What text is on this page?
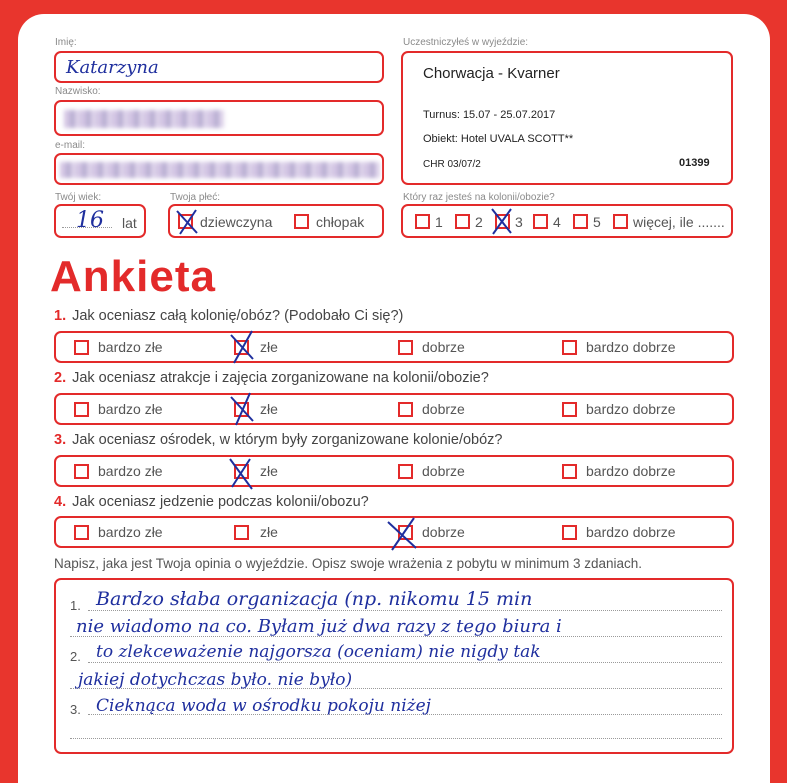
Imię:
Katarzyna
Nazwisko:
e-mail:
Twój wiek:
16 lat
Twoja płeć:
dziewczyna	chłopak
Uczestniczyłeś w wyjeździe:
Chorwacja - Kvarner
Turnus: 15.07 - 25.07.2017
Obiekt: Hotel UVALA SCOTT**
CHR 03/07/2	01399
Który raz jesteś na kolonii/obozie?
1 2 3 4 5 więcej, ile .......
Ankieta
1. Jak oceniasz całą kolonię/obóz? (Podobało Ci się?)
bardzo złe	złe	dobrze	bardzo dobrze
2. Jak oceniasz atrakcje i zajęcia zorganizowane na kolonii/obozie?
bardzo złe	złe	dobrze	bardzo dobrze
3. Jak oceniasz ośrodek, w którym były zorganizowane kolonie/obóz?
bardzo złe	złe	dobrze	bardzo dobrze
4. Jak oceniasz jedzenie podczas kolonii/obozu?
bardzo złe	złe	dobrze	bardzo dobrze
Napisz, jaka jest Twoja opinia o wyjeździe. Opisz swoje wrażenia z pobytu w minimum 3 zdaniach.
1.
2.
3.
Bardzo słaba organizacja (np. nikomu 15 min
nie wiadomo na co. Byłam już dwa razy z tego biura i
to zlekceważenie najgorsza (oceniam) nie nigdy tak
jakiej dotychczas było. nie było)
Cieknąca woda w ośrodku pokoju niżej
